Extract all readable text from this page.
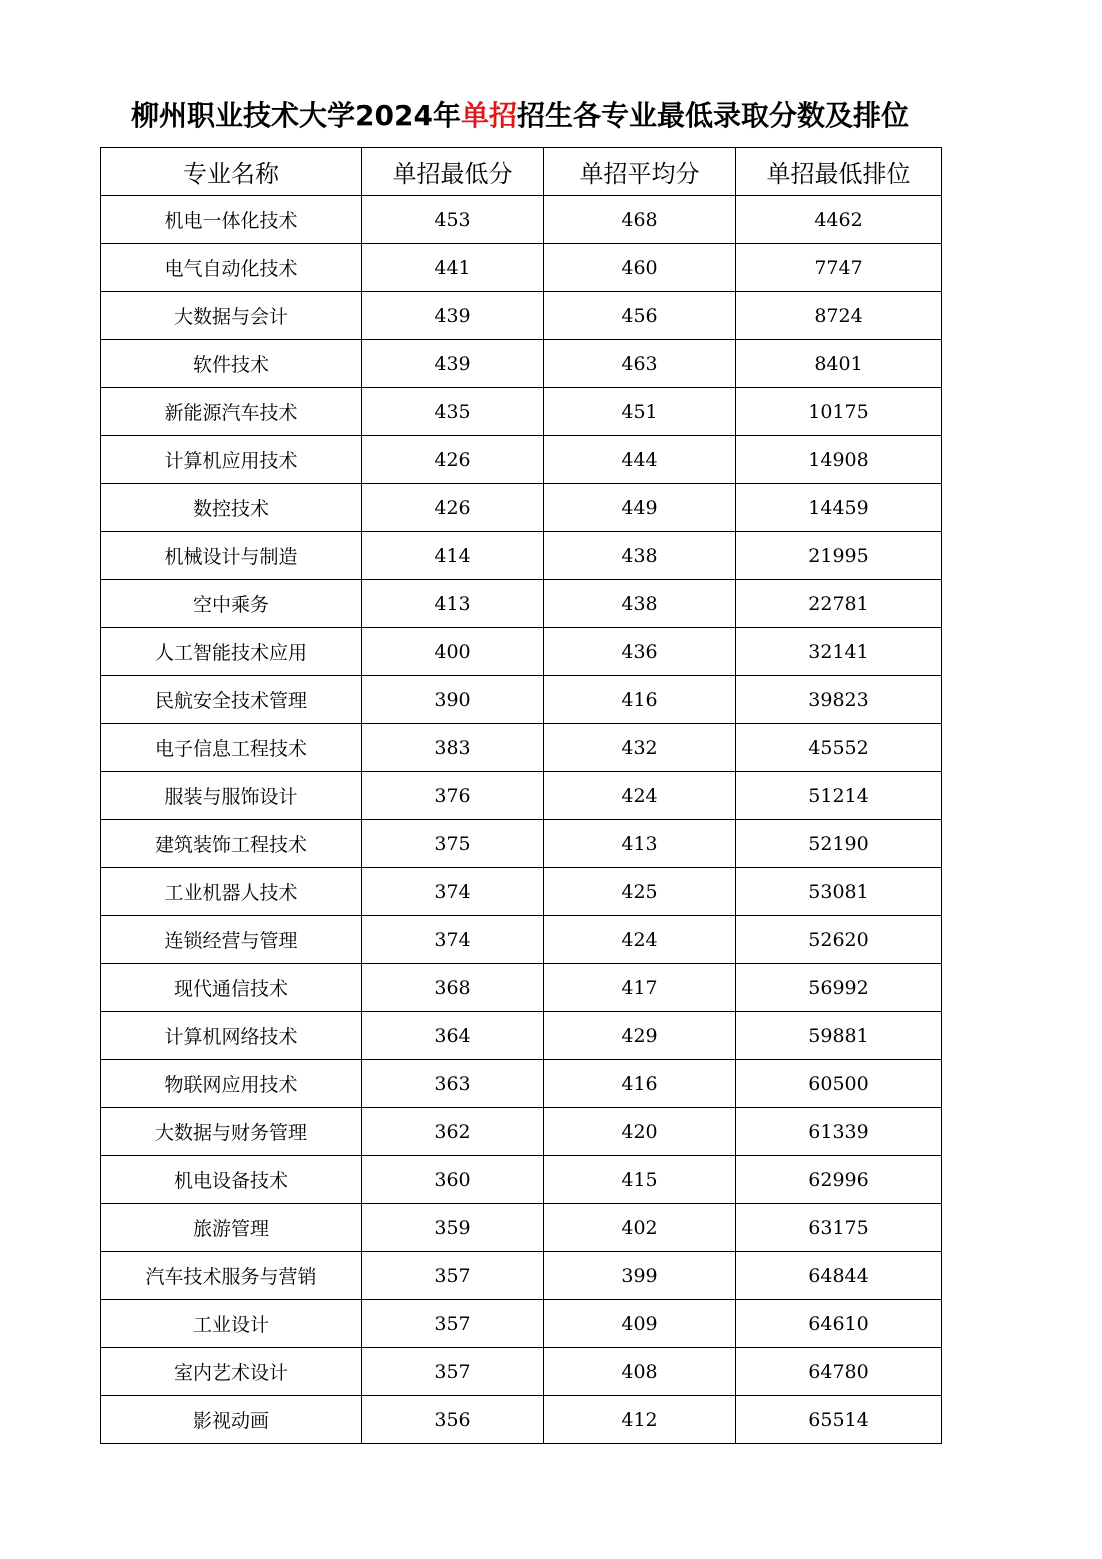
柳州职业技术大学2024年单招招生各专业最低录取分数及排位
专业名称	单招最低分	单招平均分	单招最低排位
机电一体化技术	453	468	4462
电气自动化技术	441	460	7747
大数据与会计	439	456	8724
软件技术	439	463	8401
新能源汽车技术	435	451	10175
计算机应用技术	426	444	14908
数控技术	426	449	14459
机械设计与制造	414	438	21995
空中乘务	413	438	22781
人工智能技术应用	400	436	32141
民航安全技术管理	390	416	39823
电子信息工程技术	383	432	45552
服装与服饰设计	376	424	51214
建筑装饰工程技术	375	413	52190
工业机器人技术	374	425	53081
连锁经营与管理	374	424	52620
现代通信技术	368	417	56992
计算机网络技术	364	429	59881
物联网应用技术	363	416	60500
大数据与财务管理	362	420	61339
机电设备技术	360	415	62996
旅游管理	359	402	63175
汽车技术服务与营销	357	399	64844
工业设计	357	409	64610
室内艺术设计	357	408	64780
影视动画	356	412	65514
